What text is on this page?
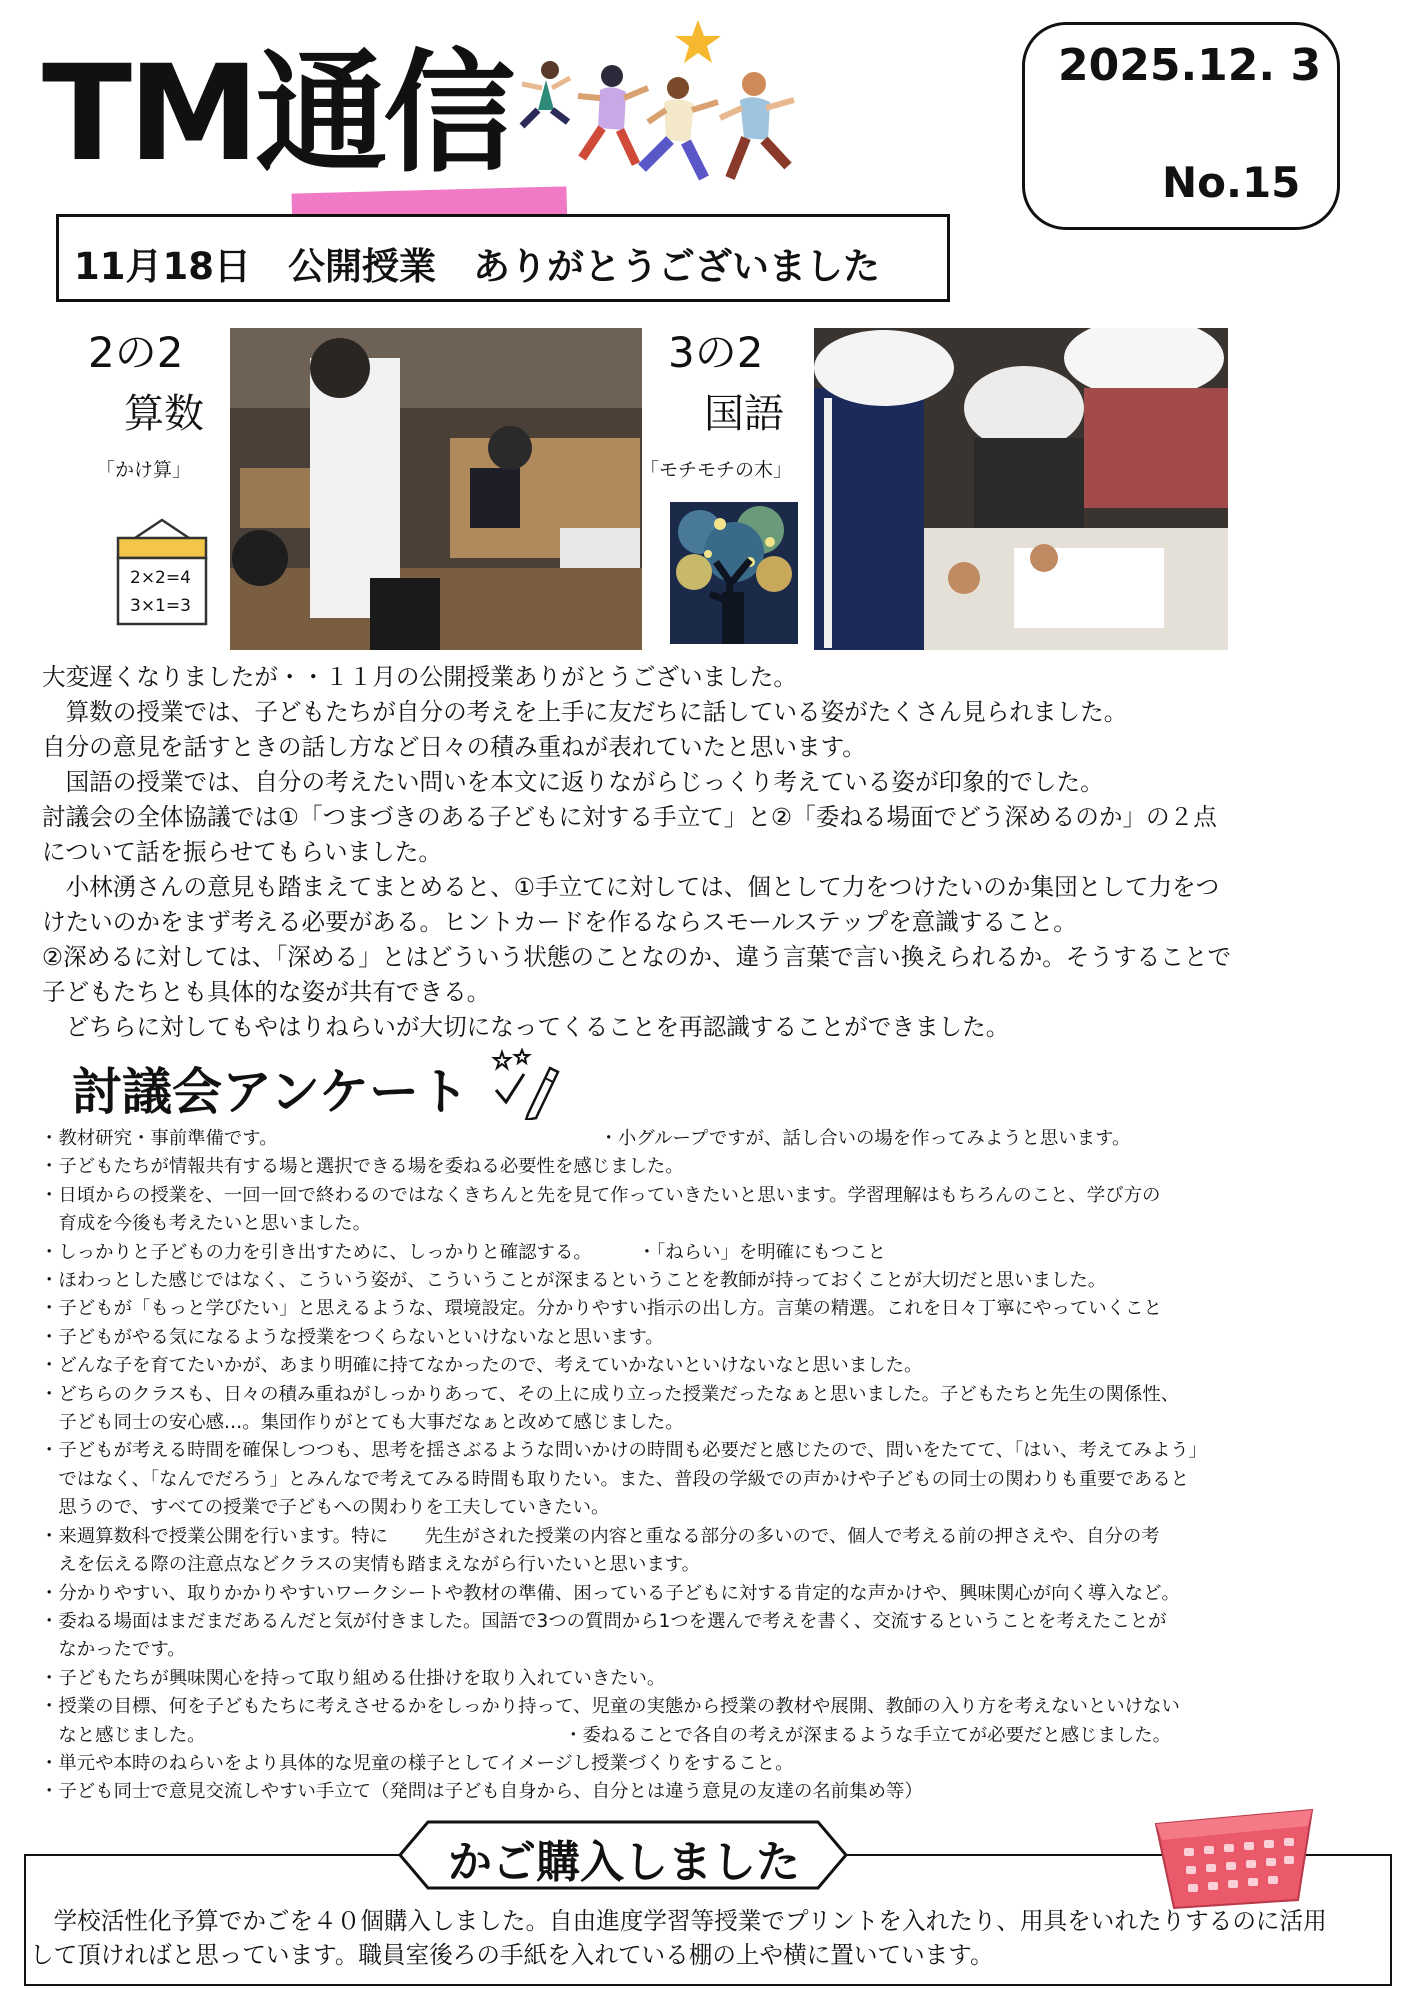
TM通信	2025.12. 3
No.15
11月18日　公開授業　ありがとうございました
2の2
算数
「かけ算」
2×2=4
3×1=3
3の2
国語
「モチモチの木」
大変遅くなりましたが・・１１月の公開授業ありがとうございました。
　算数の授業では、子どもたちが自分の考えを上手に友だちに話している姿がたくさん見られました。
自分の意見を話すときの話し方など日々の積み重ねが表れていたと思います。
　国語の授業では、自分の考えたい問いを本文に返りながらじっくり考えている姿が印象的でした。
討議会の全体協議では①「つまづきのある子どもに対する手立て」と②「委ねる場面でどう深めるのか」の２点
について話を振らせてもらいました。
　小林湧さんの意見も踏まえてまとめると、①手立てに対しては、個として力をつけたいのか集団として力をつ
けたいのかをまず考える必要がある。ヒントカードを作るならスモールステップを意識すること。
②深めるに対しては、「深める」とはどういう状態のことなのか、違う言葉で言い換えられるか。そうすることで
子どもたちとも具体的な姿が共有できる。
　どちらに対してもやはりねらいが大切になってくることを再認識することができました。
討議会アンケート
・教材研究・事前準備です。　　　　　　　　　　　　　　　　　　・小グループですが、話し合いの場を作ってみようと思います。
・子どもたちが情報共有する場と選択できる場を委ねる必要性を感じました。
・日頃からの授業を、一回一回で終わるのではなくきちんと先を見て作っていきたいと思います。学習理解はもちろんのこと、学び方の
　育成を今後も考えたいと思いました。
・しっかりと子どもの力を引き出すために、しっかりと確認する。　　　・「ねらい」を明確にもつこと
・ほわっとした感じではなく、こういう姿が、こういうことが深まるということを教師が持っておくことが大切だと思いました。
・子どもが「もっと学びたい」と思えるような、環境設定。分かりやすい指示の出し方。言葉の精選。これを日々丁寧にやっていくこと
・子どもがやる気になるような授業をつくらないといけないなと思います。
・どんな子を育てたいかが、あまり明確に持てなかったので、考えていかないといけないなと思いました。
・どちらのクラスも、日々の積み重ねがしっかりあって、その上に成り立った授業だったなぁと思いました。子どもたちと先生の関係性、
　子ども同士の安心感…。集団作りがとても大事だなぁと改めて感じました。
・子どもが考える時間を確保しつつも、思考を揺さぶるような問いかけの時間も必要だと感じたので、問いをたてて、「はい、考えてみよう」
　ではなく、「なんでだろう」とみんなで考えてみる時間も取りたい。また、普段の学級での声かけや子どもの同士の関わりも重要であると
　思うので、すべての授業で子どもへの関わりを工夫していきたい。
・来週算数科で授業公開を行います。特に　　先生がされた授業の内容と重なる部分の多いので、個人で考える前の押さえや、自分の考
　えを伝える際の注意点などクラスの実情も踏まえながら行いたいと思います。
・分かりやすい、取りかかりやすいワークシートや教材の準備、困っている子どもに対する肯定的な声かけや、興味関心が向く導入など。
・委ねる場面はまだまだあるんだと気が付きました。国語で3つの質問から1つを選んで考えを書く、交流するということを考えたことが
　なかったです。
・子どもたちが興味関心を持って取り組める仕掛けを取り入れていきたい。
・授業の目標、何を子どもたちに考えさせるかをしっかり持って、児童の実態から授業の教材や展開、教師の入り方を考えないといけない
　なと感じました。　　　　　　　　　　　　　　　　　　　　・委ねることで各自の考えが深まるような手立てが必要だと感じました。
・単元や本時のねらいをより具体的な児童の様子としてイメージし授業づくりをすること。
・子ども同士で意見交流しやすい手立て（発問は子ども自身から、自分とは違う意見の友達の名前集め等）
かご購入しました
　学校活性化予算でかごを４０個購入しました。自由進度学習等授業でプリントを入れたり、用具をいれたりするのに活用
して頂ければと思っています。職員室後ろの手紙を入れている棚の上や横に置いています。
